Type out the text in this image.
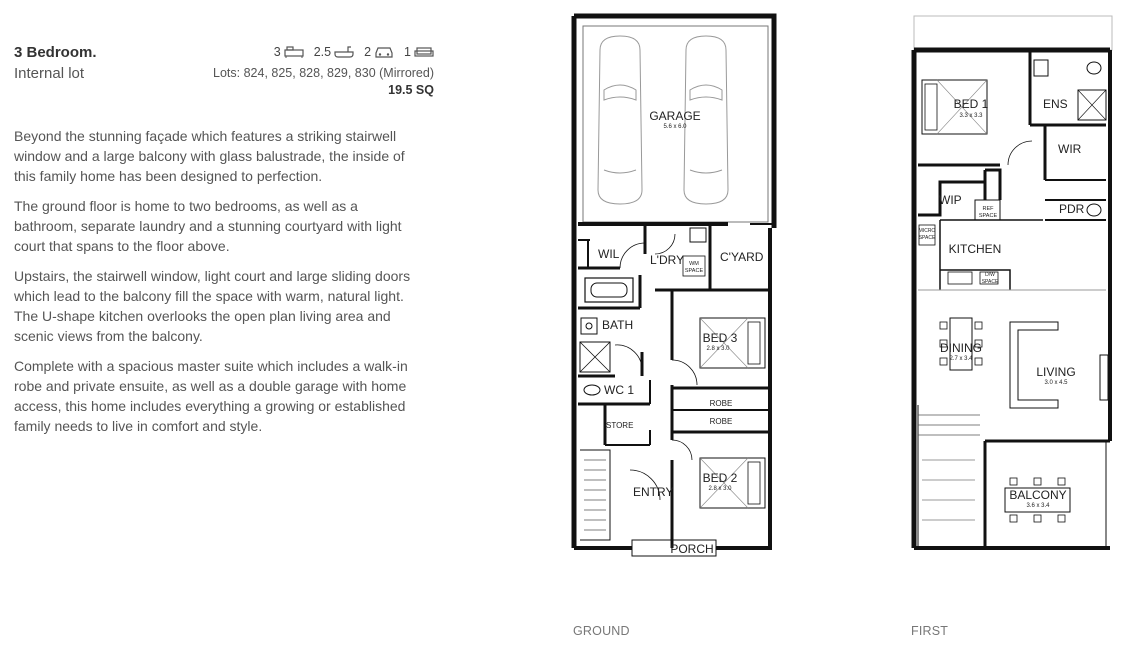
3 Bedroom.
Internal lot
3	2.5	2	1
Lots: 824, 825, 828, 829, 830 (Mirrored)
19.5 SQ

Beyond the stunning façade which features a striking stairwell window and a large balcony with glass balustrade, the inside of this family home has been designed to perfection.

The ground floor is home to two bedrooms, as well as a bathroom, separate laundry and a stunning courtyard with light court that spans to the floor above.

Upstairs, the stairwell window, light court and large sliding doors which lead to the balcony fill the space with warm, natural light. The U-shape kitchen overlooks the open plan living area and scenic views from the balcony.

Complete with a spacious master suite which includes a walk-in robe and private ensuite, as well as a double garage with home access, this home includes everything a growing or established family needs to live in comfort and style.

GARAGE
5.6 x 6.0
WIL	L'DRY WM
SPACE
C'YARD
BATH
BED 3
2.8 x 3.0
WC 1
ROBE
ROBE
STORE
BED 2
2.8 x 3.0
ENTRY
PORCH
GROUND
BED 1
3.3 x 3.3
ENS
WIR
WIP
REF
SPACE	PDR
MICRO
SPACE
KITCHEN
D/W
SPACE
DINING
2.7 x 3.4
LIVING
3.0 x 4.5
BALCONY
3.6 x 3.4
FIRST
